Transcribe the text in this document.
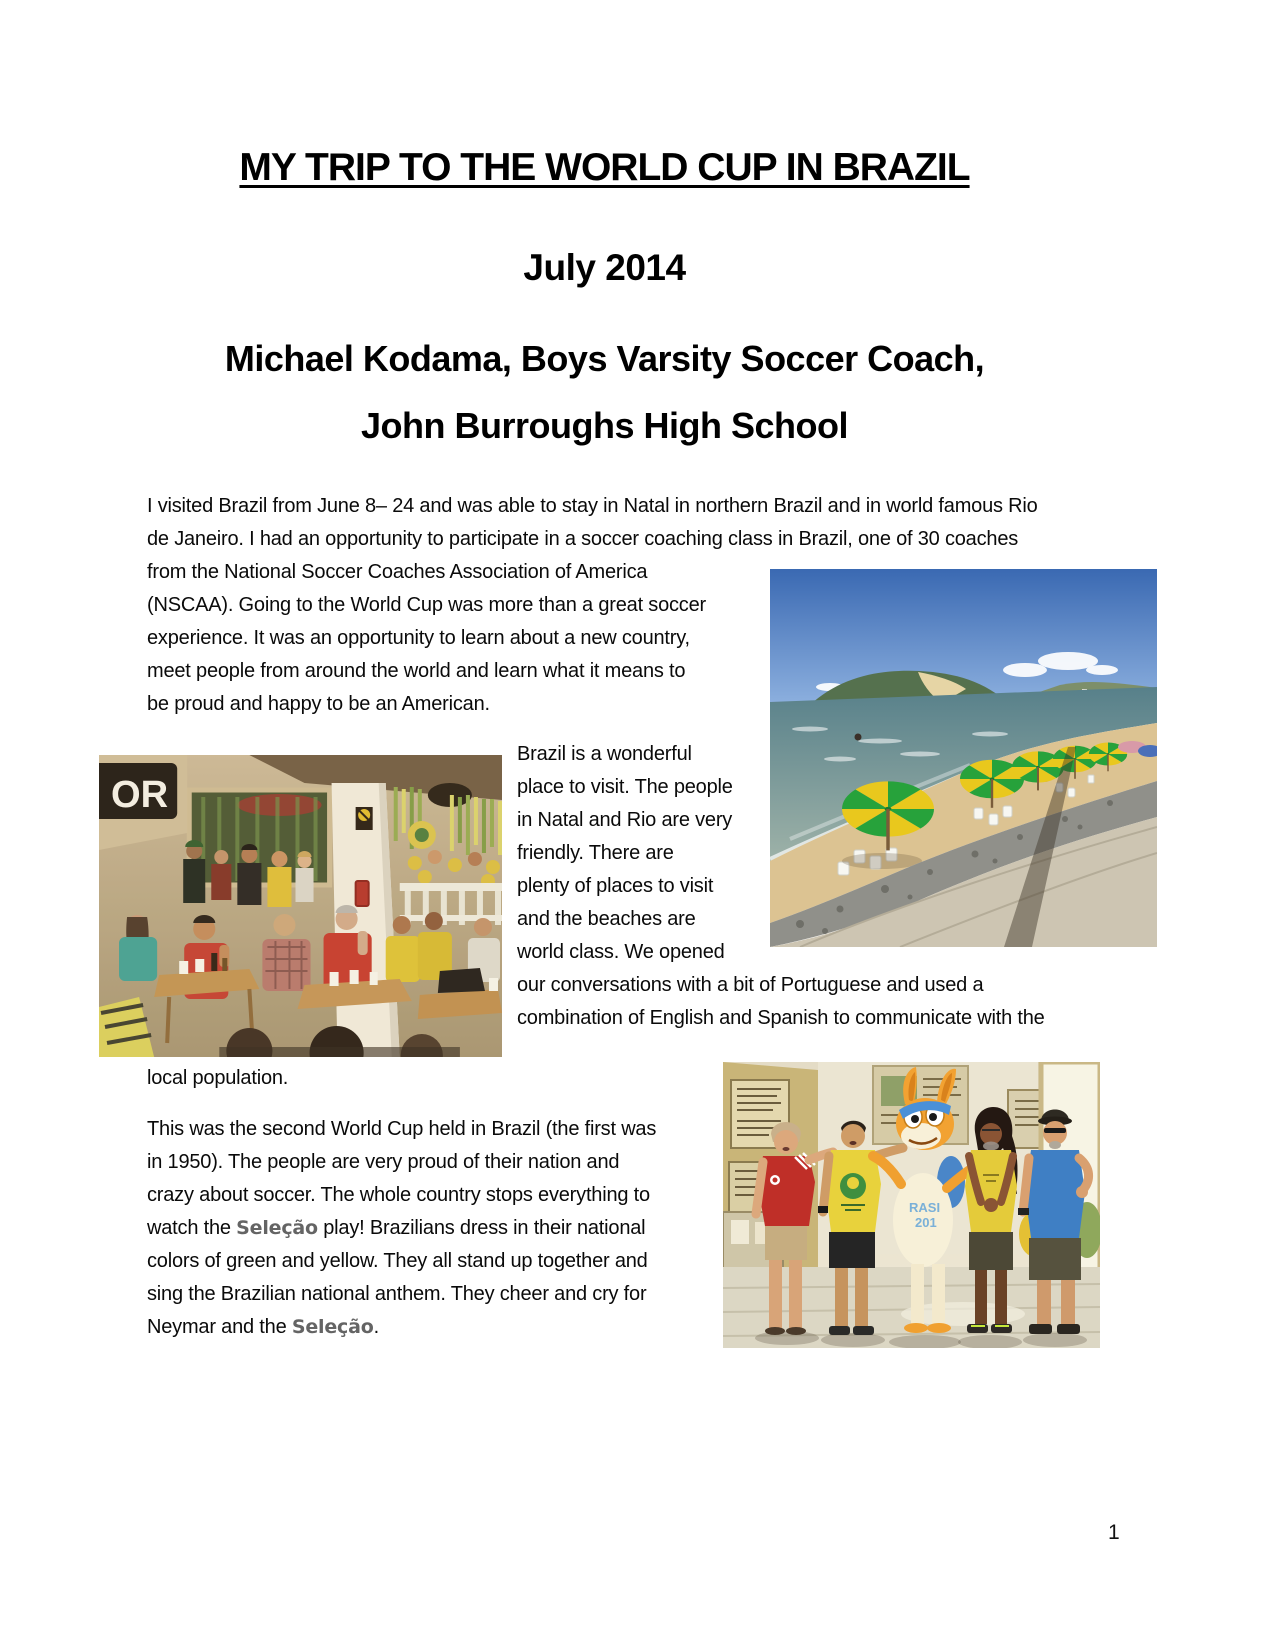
MY TRIP TO THE WORLD CUP IN BRAZIL
July 2014
Michael Kodama, Boys Varsity Soccer Coach,
John Burroughs High School
I visited Brazil from June 8– 24 and was able to stay in Natal in northern Brazil and in world famous Rio
de Janeiro. I had an opportunity to participate in a soccer coaching class in Brazil, one of 30 coaches
from the National Soccer Coaches Association of America
(NSCAA). Going to the World Cup was more than a great soccer
experience. It was an opportunity to learn about a new country,
meet people from around the world and learn what it means to
be proud and happy to be an American.
Brazil is a wonderful
place to visit. The people
in Natal and Rio are very
friendly. There are
plenty of places to visit
and the beaches are
world class. We opened
our conversations with a bit of Portuguese and used a
combination of English and Spanish to communicate with the
local population.
This was the second World Cup held in Brazil (the first was
in 1950). The people are very proud of their nation and
crazy about soccer. The whole country stops everything to
watch the Seleção play! Brazilians dress in their national
colors of green and yellow. They all stand up together and
sing the Brazilian national anthem. They cheer and cry for
Neymar and the Seleção.
OR
RASI
201
1
